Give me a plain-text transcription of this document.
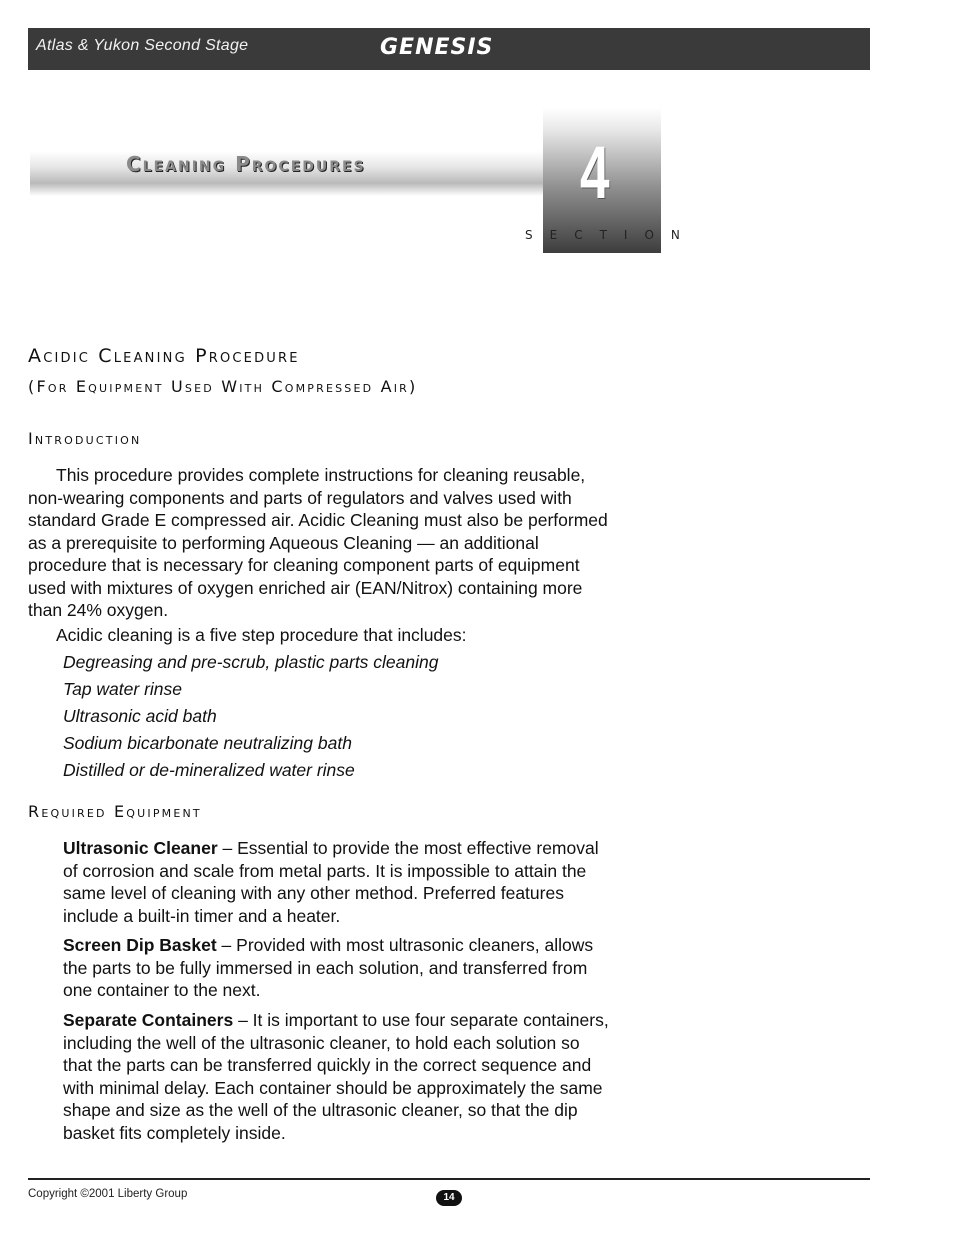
Atlas & Yukon Second Stage	GENESIS
Cleaning Procedures	4
SECTION
Acidic Cleaning Procedure
(For Equipment Used With Compressed Air)
Introduction
This procedure provides complete instructions for cleaning reusable, non-wearing components and parts of regulators and valves used with standard Grade E compressed air. Acidic Cleaning must also be performed as a prerequisite to performing Aqueous Cleaning — an additional procedure that is necessary for cleaning component parts of equipment used with mixtures of oxygen enriched air (EAN/Nitrox) containing more than 24% oxygen.
Acidic cleaning is a five step procedure that includes:
Degreasing and pre-scrub, plastic parts cleaning
Tap water rinse
Ultrasonic acid bath
Sodium bicarbonate neutralizing bath
Distilled or de-mineralized water rinse
Required Equipment
Ultrasonic Cleaner – Essential to provide the most effective removal of corrosion and scale from metal parts. It is impossible to attain the same level of cleaning with any other method. Preferred features include a built-in timer and a heater.
Screen Dip Basket – Provided with most ultrasonic cleaners, allows the parts to be fully immersed in each solution, and transferred from one container to the next.
Separate Containers – It is important to use four separate containers, including the well of the ultrasonic cleaner, to hold each solution so that the parts can be transferred quickly in the correct sequence and with minimal delay. Each container should be approximately the same shape and size as the well of the ultrasonic cleaner, so that the dip basket fits completely inside.
Copyright ©2001 Liberty Group	14
